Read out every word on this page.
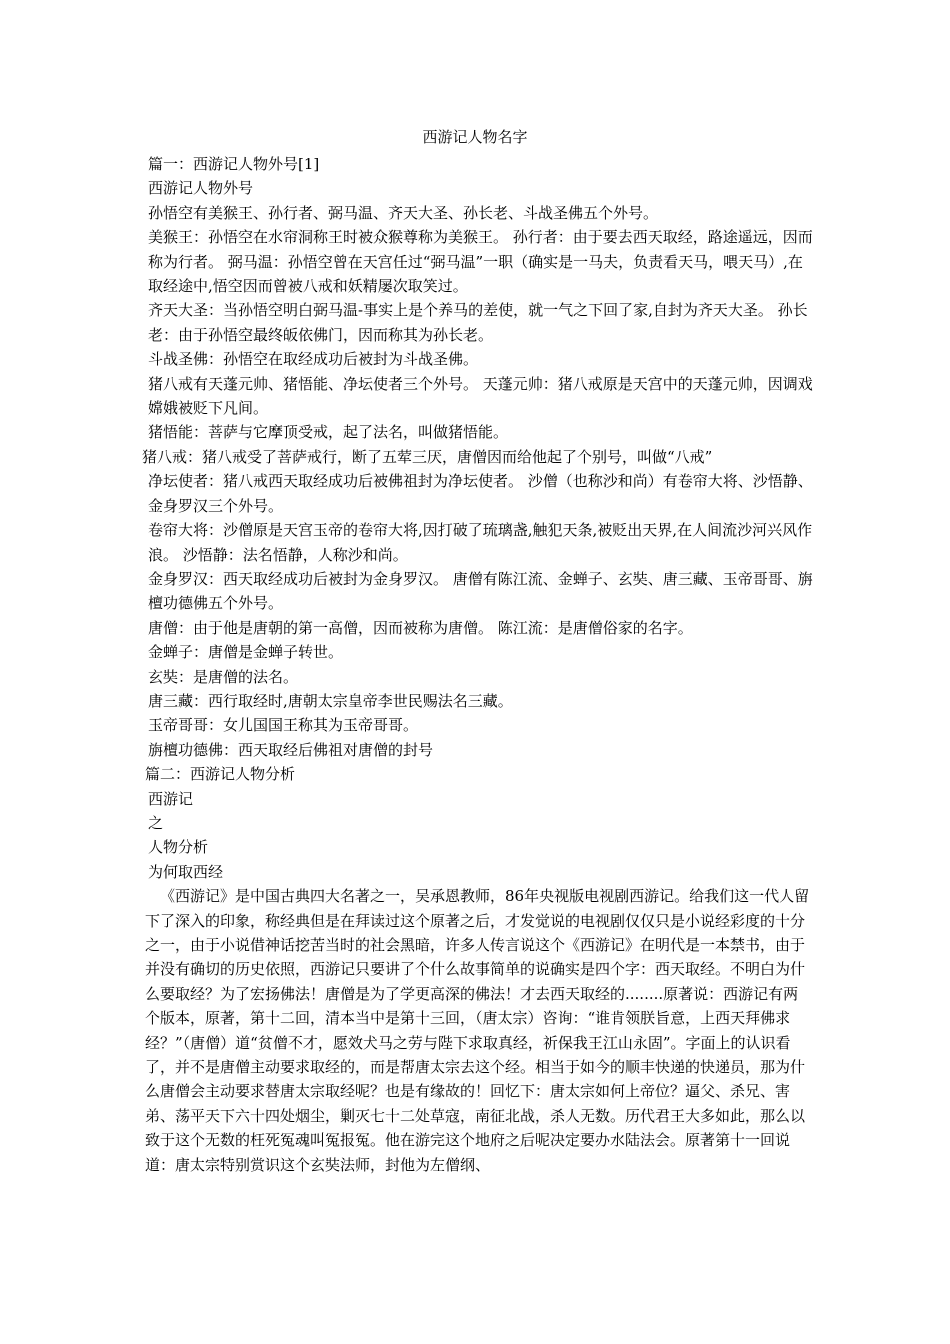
西游记人物名字

篇一：西游记人物外号[1]

西游记人物外号

孙悟空有美猴王、孙行者、弼马温、齐天大圣、孙长老、斗战圣佛五个外号。

美猴王：孙悟空在水帘洞称王时被众猴尊称为美猴王。 孙行者：由于要去西天取经，路途遥远，因而称为行者。 弼马温：孙悟空曾在天宫任过“弼马温”一职（确实是一马夫，负责看天马，喂天马）,在取经途中,悟空因而曾被八戒和妖精屡次取笑过。

齐天大圣：当孙悟空明白弼马温-事实上是个养马的差使，就一气之下回了家,自封为齐天大圣。 孙长老：由于孙悟空最终皈依佛门，因而称其为孙长老。

斗战圣佛：孙悟空在取经成功后被封为斗战圣佛。

猪八戒有天蓬元帅、猪悟能、净坛使者三个外号。 天蓬元帅：猪八戒原是天宫中的天蓬元帅，因调戏嫦娥被贬下凡间。

猪悟能：菩萨与它摩顶受戒，起了法名，叫做猪悟能。

猪八戒：猪八戒受了菩萨戒行，断了五荤三厌，唐僧因而给他起了个别号，叫做“八戒”

净坛使者：猪八戒西天取经成功后被佛祖封为净坛使者。 沙僧（也称沙和尚）有卷帘大将、沙悟静、金身罗汉三个外号。

卷帘大将：沙僧原是天宫玉帝的卷帘大将,因打破了琉璃盏,触犯天条,被贬出天界,在人间流沙河兴风作浪。 沙悟静：法名悟静，人称沙和尚。

金身罗汉：西天取经成功后被封为金身罗汉。 唐僧有陈江流、金蝉子、玄奘、唐三藏、玉帝哥哥、旃檀功德佛五个外号。

唐僧：由于他是唐朝的第一高僧，因而被称为唐僧。 陈江流：是唐僧俗家的名字。

金蝉子：唐僧是金蝉子转世。

玄奘：是唐僧的法名。

唐三藏：西行取经时,唐朝太宗皇帝李世民赐法名三藏。

玉帝哥哥：女儿国国王称其为玉帝哥哥。

旃檀功德佛：西天取经后佛祖对唐僧的封号

篇二：西游记人物分析

西游记

之

人物分析

为何取西经

《西游记》是中国古典四大名著之一，吴承恩教师，86年央视版电视剧西游记。给我们这一代人留下了深入的印象，称经典但是在拜读过这个原著之后，才发觉说的电视剧仅仅只是小说经彩度的十分之一，由于小说借神话挖苦当时的社会黑暗，许多人传言说这个《西游记》在明代是一本禁书，由于并没有确切的历史依照，西游记只要讲了个什么故事简单的说确实是四个字：西天取经。不明白为什么要取经？为了宏扬佛法！唐僧是为了学更高深的佛法！才去西天取经的........原著说：西游记有两个版本，原著，第十二回，清本当中是第十三回，（唐太宗）咨询：“谁肯领朕旨意，上西天拜佛求经？”（唐僧）道“贫僧不才，愿效犬马之劳与陛下求取真经，祈保我王江山永固”。字面上的认识看了，并不是唐僧主动要求取经的，而是帮唐太宗去这个经。相当于如今的顺丰快递的快递员，那为什么唐僧会主动要求替唐太宗取经呢？也是有缘故的！回忆下：唐太宗如何上帝位？逼父、杀兄、害弟、荡平天下六十四处烟尘，剿灭七十二处草寇，南征北战，杀人无数。历代君王大多如此，那么以致于这个无数的枉死冤魂叫冤报冤。他在游完这个地府之后呢决定要办水陆法会。原著第十一回说道：唐太宗特别赏识这个玄奘法师，封他为左僧纲、
